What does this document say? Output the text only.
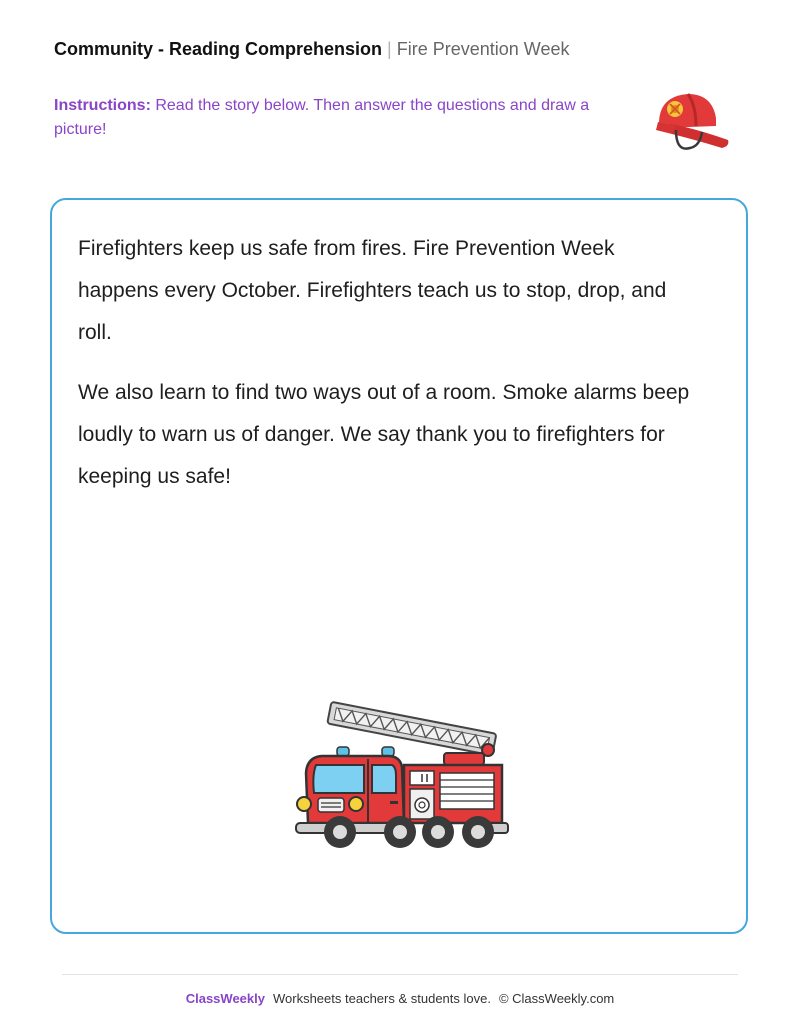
Community - Reading Comprehension | Fire Prevention Week
Instructions: Read the story below. Then answer the questions and draw a picture!

Firefighters keep us safe from fires. Fire Prevention Week happens every October. Firefighters teach us to stop, drop, and roll.

We also learn to find two ways out of a room. Smoke alarms beep loudly to warn us of danger. We say thank you to firefighters for keeping us safe!

ClassWeekly Worksheets teachers & students love. © ClassWeekly.com
